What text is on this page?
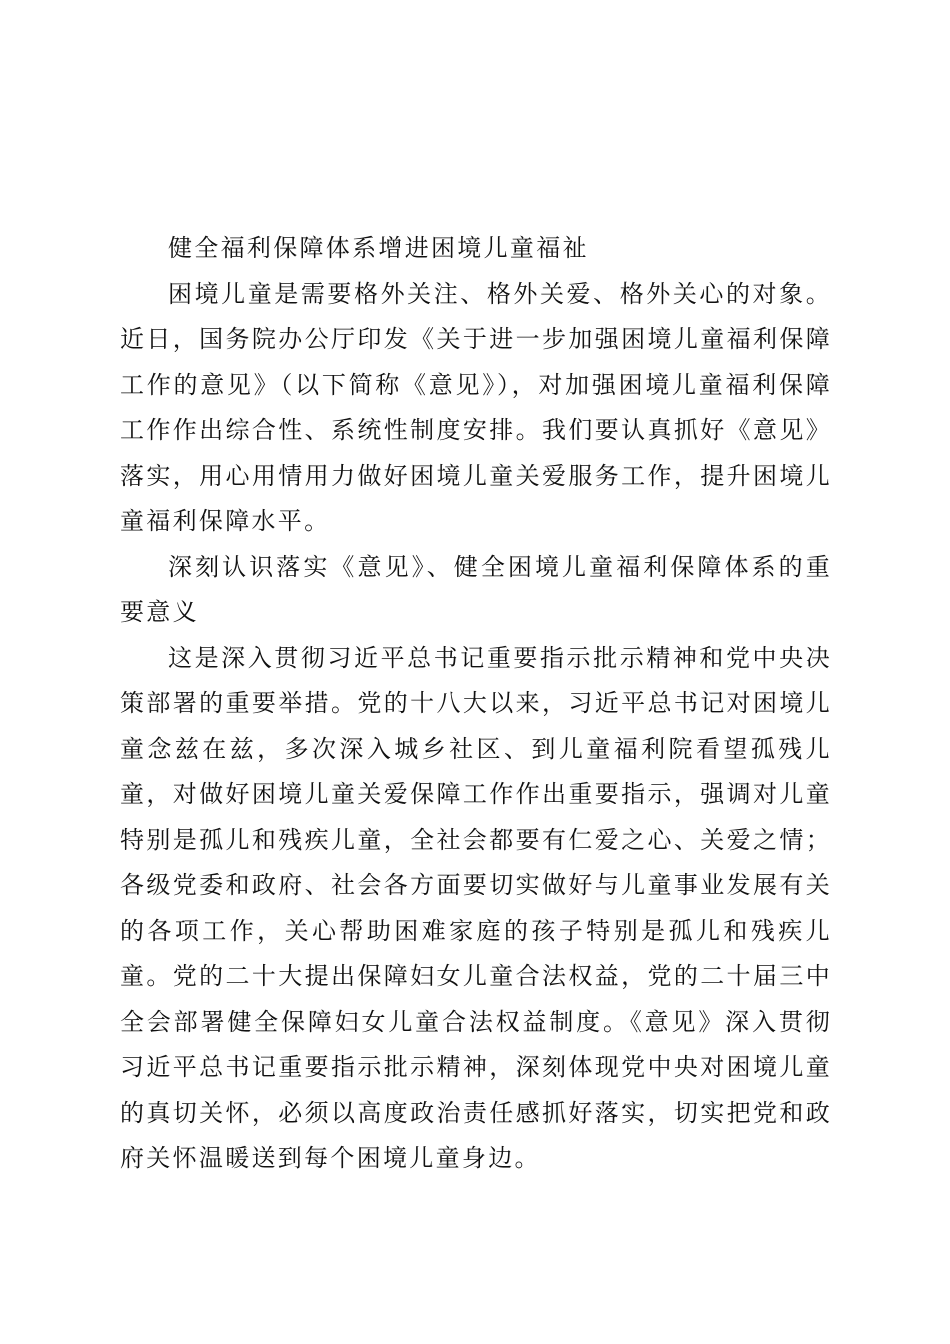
健全福利保障体系增进困境儿童福祉

困境儿童是需要格外关注、格外关爱、格外关心的对象。近日，国务院办公厅印发《关于进一步加强困境儿童福利保障工作的意见》（以下简称《意见》），对加强困境儿童福利保障工作作出综合性、系统性制度安排。我们要认真抓好《意见》落实，用心用情用力做好困境儿童关爱服务工作，提升困境儿童福利保障水平。

深刻认识落实《意见》、健全困境儿童福利保障体系的重要意义

这是深入贯彻习近平总书记重要指示批示精神和党中央决策部署的重要举措。党的十八大以来，习近平总书记对困境儿童念兹在兹，多次深入城乡社区、到儿童福利院看望孤残儿童，对做好困境儿童关爱保障工作作出重要指示，强调对儿童特别是孤儿和残疾儿童，全社会都要有仁爱之心、关爱之情；各级党委和政府、社会各方面要切实做好与儿童事业发展有关的各项工作，关心帮助困难家庭的孩子特别是孤儿和残疾儿童。党的二十大提出保障妇女儿童合法权益，党的二十届三中全会部署健全保障妇女儿童合法权益制度。《意见》深入贯彻习近平总书记重要指示批示精神，深刻体现党中央对困境儿童的真切关怀，必须以高度政治责任感抓好落实，切实把党和政府关怀温暖送到每个困境儿童身边。
